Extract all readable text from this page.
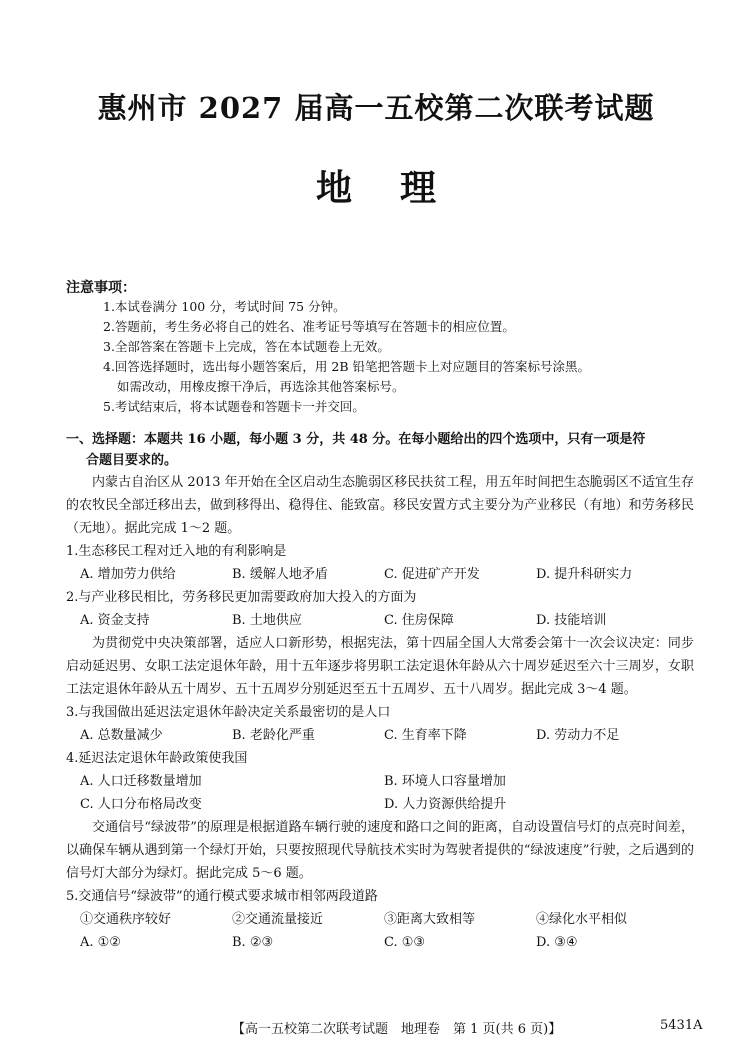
惠州市 2027 届高一五校第二次联考试题
地理
注意事项：
1.本试卷满分 100 分，考试时间 75 分钟。
2.答题前，考生务必将自己的姓名、准考证号等填写在答题卡的相应位置。
3.全部答案在答题卡上完成，答在本试题卷上无效。
4.回答选择题时，选出每小题答案后，用 2B 铅笔把答题卡上对应题目的答案标号涂黑。
如需改动，用橡皮擦干净后，再选涂其他答案标号。
5.考试结束后，将本试题卷和答题卡一并交回。
一、选择题：本题共 16 小题，每小题 3 分，共 48 分。在每小题给出的四个选项中，只有一项是符
合题目要求的。
内蒙古自治区从 2013 年开始在全区启动生态脆弱区移民扶贫工程，用五年时间把生态脆弱区不适宜生存的农牧民全部迁移出去，做到移得出、稳得住、能致富。移民安置方式主要分为产业移民（有地）和劳务移民（无地）。据此完成 1～2 题。
1.生态移民工程对迁入地的有利影响是
A. 增加劳力供给	B. 缓解人地矛盾	C. 促进矿产开发	D. 提升科研实力
2.与产业移民相比，劳务移民更加需要政府加大投入的方面为
A. 资金支持	B. 土地供应	C. 住房保障	D. 技能培训
为贯彻党中央决策部署，适应人口新形势，根据宪法，第十四届全国人大常委会第十一次会议决定：同步启动延迟男、女职工法定退休年龄，用十五年逐步将男职工法定退休年龄从六十周岁延迟至六十三周岁，女职工法定退休年龄从五十周岁、五十五周岁分别延迟至五十五周岁、五十八周岁。据此完成 3～4 题。
3.与我国做出延迟法定退休年龄决定关系最密切的是人口
A. 总数量减少	B. 老龄化严重	C. 生育率下降	D. 劳动力不足
4.延迟法定退休年龄政策使我国
A. 人口迁移数量增加	B. 环境人口容量增加
C. 人口分布格局改变	D. 人力资源供给提升
交通信号“绿波带”的原理是根据道路车辆行驶的速度和路口之间的距离，自动设置信号灯的点亮时间差，以确保车辆从遇到第一个绿灯开始，只要按照现代导航技术实时为驾驶者提供的“绿波速度”行驶，之后遇到的信号灯大部分为绿灯。据此完成 5～6 题。
5.交通信号“绿波带”的通行模式要求城市相邻两段道路
①交通秩序较好	②交通流量接近	③距离大致相等	④绿化水平相似
A. ①②	B. ②③	C. ①③	D. ③④
【高一五校第二次联考试题　地理卷　第 1 页(共 6 页)】	5431A
